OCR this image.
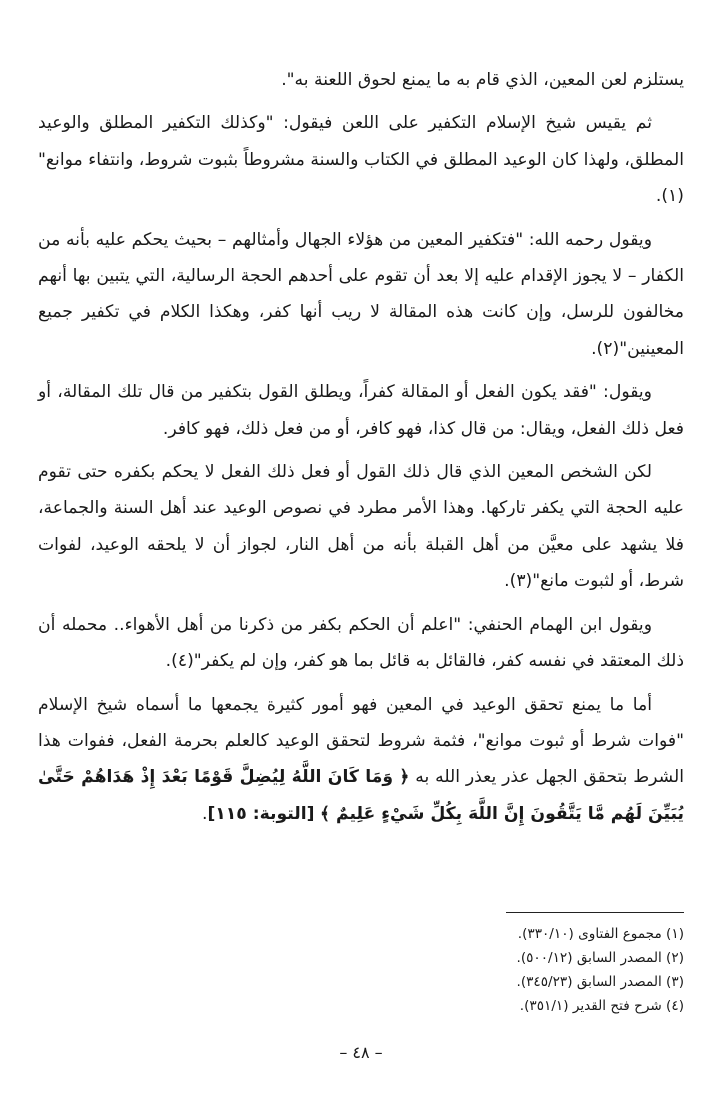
يستلزم لعن المعين، الذي قام به ما يمنع لحوق اللعنة به".

ثم يقيس شيخ الإسلام التكفير على اللعن فيقول: "وكذلك التكفير المطلق والوعيد المطلق، ولهذا كان الوعيد المطلق في الكتاب والسنة مشروطاً بثبوت شروط، وانتفاء موانع"(١).

ويقول رحمه الله: "فتكفير المعين من هؤلاء الجهال وأمثالهم – بحيث يحكم عليه بأنه من الكفار – لا يجوز الإقدام عليه إلا بعد أن تقوم على أحدهم الحجة الرسالية، التي يتبين بها أنهم مخالفون للرسل، وإن كانت هذه المقالة لا ريب أنها كفر، وهكذا الكلام في تكفير جميع المعينين"(٢).

ويقول: "فقد يكون الفعل أو المقالة كفراً، ويطلق القول بتكفير من قال تلك المقالة، أو فعل ذلك الفعل، ويقال: من قال كذا، فهو كافر، أو من فعل ذلك، فهو كافر.

لكن الشخص المعين الذي قال ذلك القول أو فعل ذلك الفعل لا يحكم بكفره حتى تقوم عليه الحجة التي يكفر تاركها. وهذا الأمر مطرد في نصوص الوعيد عند أهل السنة والجماعة، فلا يشهد على معيَّن من أهل القبلة بأنه من أهل النار، لجواز أن لا يلحقه الوعيد، لفوات شرط، أو لثبوت مانع"(٣).

ويقول ابن الهمام الحنفي: "اعلم أن الحكم بكفر من ذكرنا من أهل الأهواء.. محمله أن ذلك المعتقد في نفسه كفر، فالقائل به قائل بما هو كفر، وإن لم يكفر"(٤).

أما ما يمنع تحقق الوعيد في المعين فهو أمور كثيرة يجمعها ما أسماه شيخ الإسلام "فوات شرط أو ثبوت موانع"، فثمة شروط لتحقق الوعيد كالعلم بحرمة الفعل، ففوات هذا الشرط بتحقق الجهل عذر يعذر الله به ﴿ وَمَا كَانَ اللَّهُ لِيُضِلَّ قَوْمًا بَعْدَ إِذْ هَدَاهُمْ حَتَّىٰ يُبَيِّنَ لَهُم مَّا يَتَّقُونَ إِنَّ اللَّهَ بِكُلِّ شَيْءٍ عَلِيمٌ ﴾ [التوبة: ١١٥].

(١) مجموع الفتاوى (٣٣٠/١٠).
(٢) المصدر السابق (٥٠٠/١٢).
(٣) المصدر السابق (٣٤٥/٢٣).
(٤) شرح فتح القدير (٣٥١/١).
– ٤٨ –
